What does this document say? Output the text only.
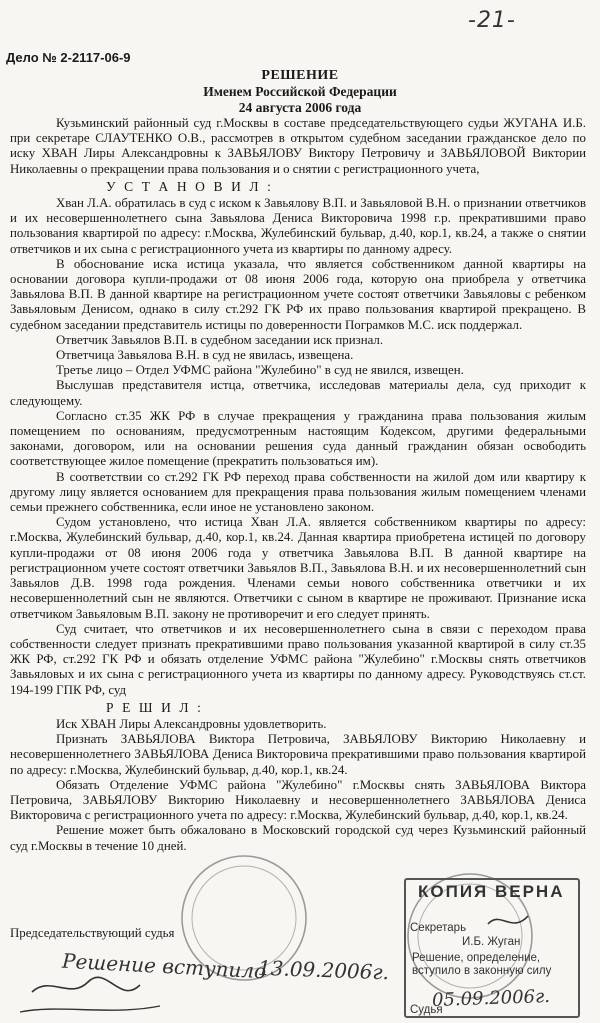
-21-
Дело № 2-2117-06-9
РЕШЕНИЕ
Именем Российской Федерации
24 августа 2006 года

Кузьминский районный суд г.Москвы в составе председательствующего судьи ЖУГАНА И.Б. при секретаре СЛАУТЕНКО О.В., рассмотрев в открытом судебном заседании гражданское дело по иску ХВАН Лиры Александровны к ЗАВЬЯЛОВУ Виктору Петровичу и ЗАВЬЯЛОВОЙ Виктории Николаевны о прекращении права пользования и о снятии с регистрационного учета,

У С Т А Н О В И Л :

Хван Л.А. обратилась в суд с иском к Завьялову В.П. и Завьяловой В.Н. о признании ответчиков и их несовершеннолетнего сына Завьялова Дениса Викторовича 1998 г.р. прекратившими право пользования квартирой по адресу: г.Москва, Жулебинский бульвар, д.40, кор.1, кв.24, а также о снятии ответчиков и их сына с регистрационного учета из квартиры по данному адресу.

В обоснование иска истица указала, что является собственником данной квартиры на основании договора купли-продажи от 08 июня 2006 года, которую она приобрела у ответчика Завьялова В.П. В данной квартире на регистрационном учете состоят ответчики Завьяловы с ребенком Завьяловым Денисом, однако в силу ст.292 ГК РФ их право пользования квартирой прекращено. В судебном заседании представитель истицы по доверенности Пограмков М.С. иск поддержал.

Ответчик Завьялов В.П. в судебном заседании иск признал.

Ответчица Завьялова В.Н. в суд не явилась, извещена.

Третье лицо – Отдел УФМС района "Жулебино" в суд не явился, извещен.

Выслушав представителя истца, ответчика, исследовав материалы дела, суд приходит к следующему.

Согласно ст.35 ЖК РФ в случае прекращения у гражданина права пользования жилым помещением по основаниям, предусмотренным настоящим Кодексом, другими федеральными законами, договором, или на основании решения суда данный гражданин обязан освободить соответствующее жилое помещение (прекратить пользоваться им).

В соответствии со ст.292 ГК РФ переход права собственности на жилой дом или квартиру к другому лицу является основанием для прекращения права пользования жилым помещением членами семьи прежнего собственника, если иное не установлено законом.

Судом установлено, что истица Хван Л.А. является собственником квартиры по адресу: г.Москва, Жулебинский бульвар, д.40, кор.1, кв.24. Данная квартира приобретена истицей по договору купли-продажи от 08 июня 2006 года у ответчика Завьялова В.П. В данной квартире на регистрационном учете состоят ответчики Завьялов В.П., Завьялова В.Н. и их несовершеннолетний сын Завьялов Д.В. 1998 года рождения. Членами семьи нового собственника ответчики и их несовершеннолетний сын не являются. Ответчики с сыном в квартире не проживают. Признание иска ответчиком Завьяловым В.П. закону не противоречит и его следует принять.

Суд считает, что ответчиков и их несовершеннолетнего сына в связи с переходом права собственности следует признать прекратившими право пользования указанной квартирой в силу ст.35 ЖК РФ, ст.292 ГК РФ и обязать отделение УФМС района "Жулебино" г.Москвы снять ответчиков Завьяловых и их сына с регистрационного учета из квартиры по данному адресу. Руководствуясь ст.ст. 194-199 ГПК РФ, суд

Р Е Ш И Л :

Иск ХВАН Лиры Александровны удовлетворить.

Признать ЗАВЬЯЛОВА Виктора Петровича, ЗАВЬЯЛОВУ Викторию Николаевну и несовершеннолетнего ЗАВЬЯЛОВА Дениса Викторовича прекратившими право пользования квартирой по адресу: г.Москва, Жулебинский бульвар, д.40, кор.1, кв.24.

Обязать Отделение УФМС района "Жулебино" г.Москвы снять ЗАВЬЯЛОВА Виктора Петровича, ЗАВЬЯЛОВУ Викторию Николаевну и несовершеннолетнего ЗАВЬЯЛОВА Дениса Викторовича с регистрационного учета по адресу: г.Москва, Жулебинский бульвар, д.40, кор.1, кв.24.

Решение может быть обжаловано в Московский городской суд через Кузьминский районный суд г.Москвы в течение 10 дней.

Председательствующий судья
Решение вступило
13.09.2006г.
КОПИЯ ВЕРНА
Секретарь
И.Б. Жуган
Решение, определение,
вступило в законную силу
05.09.2006г.
Судья
